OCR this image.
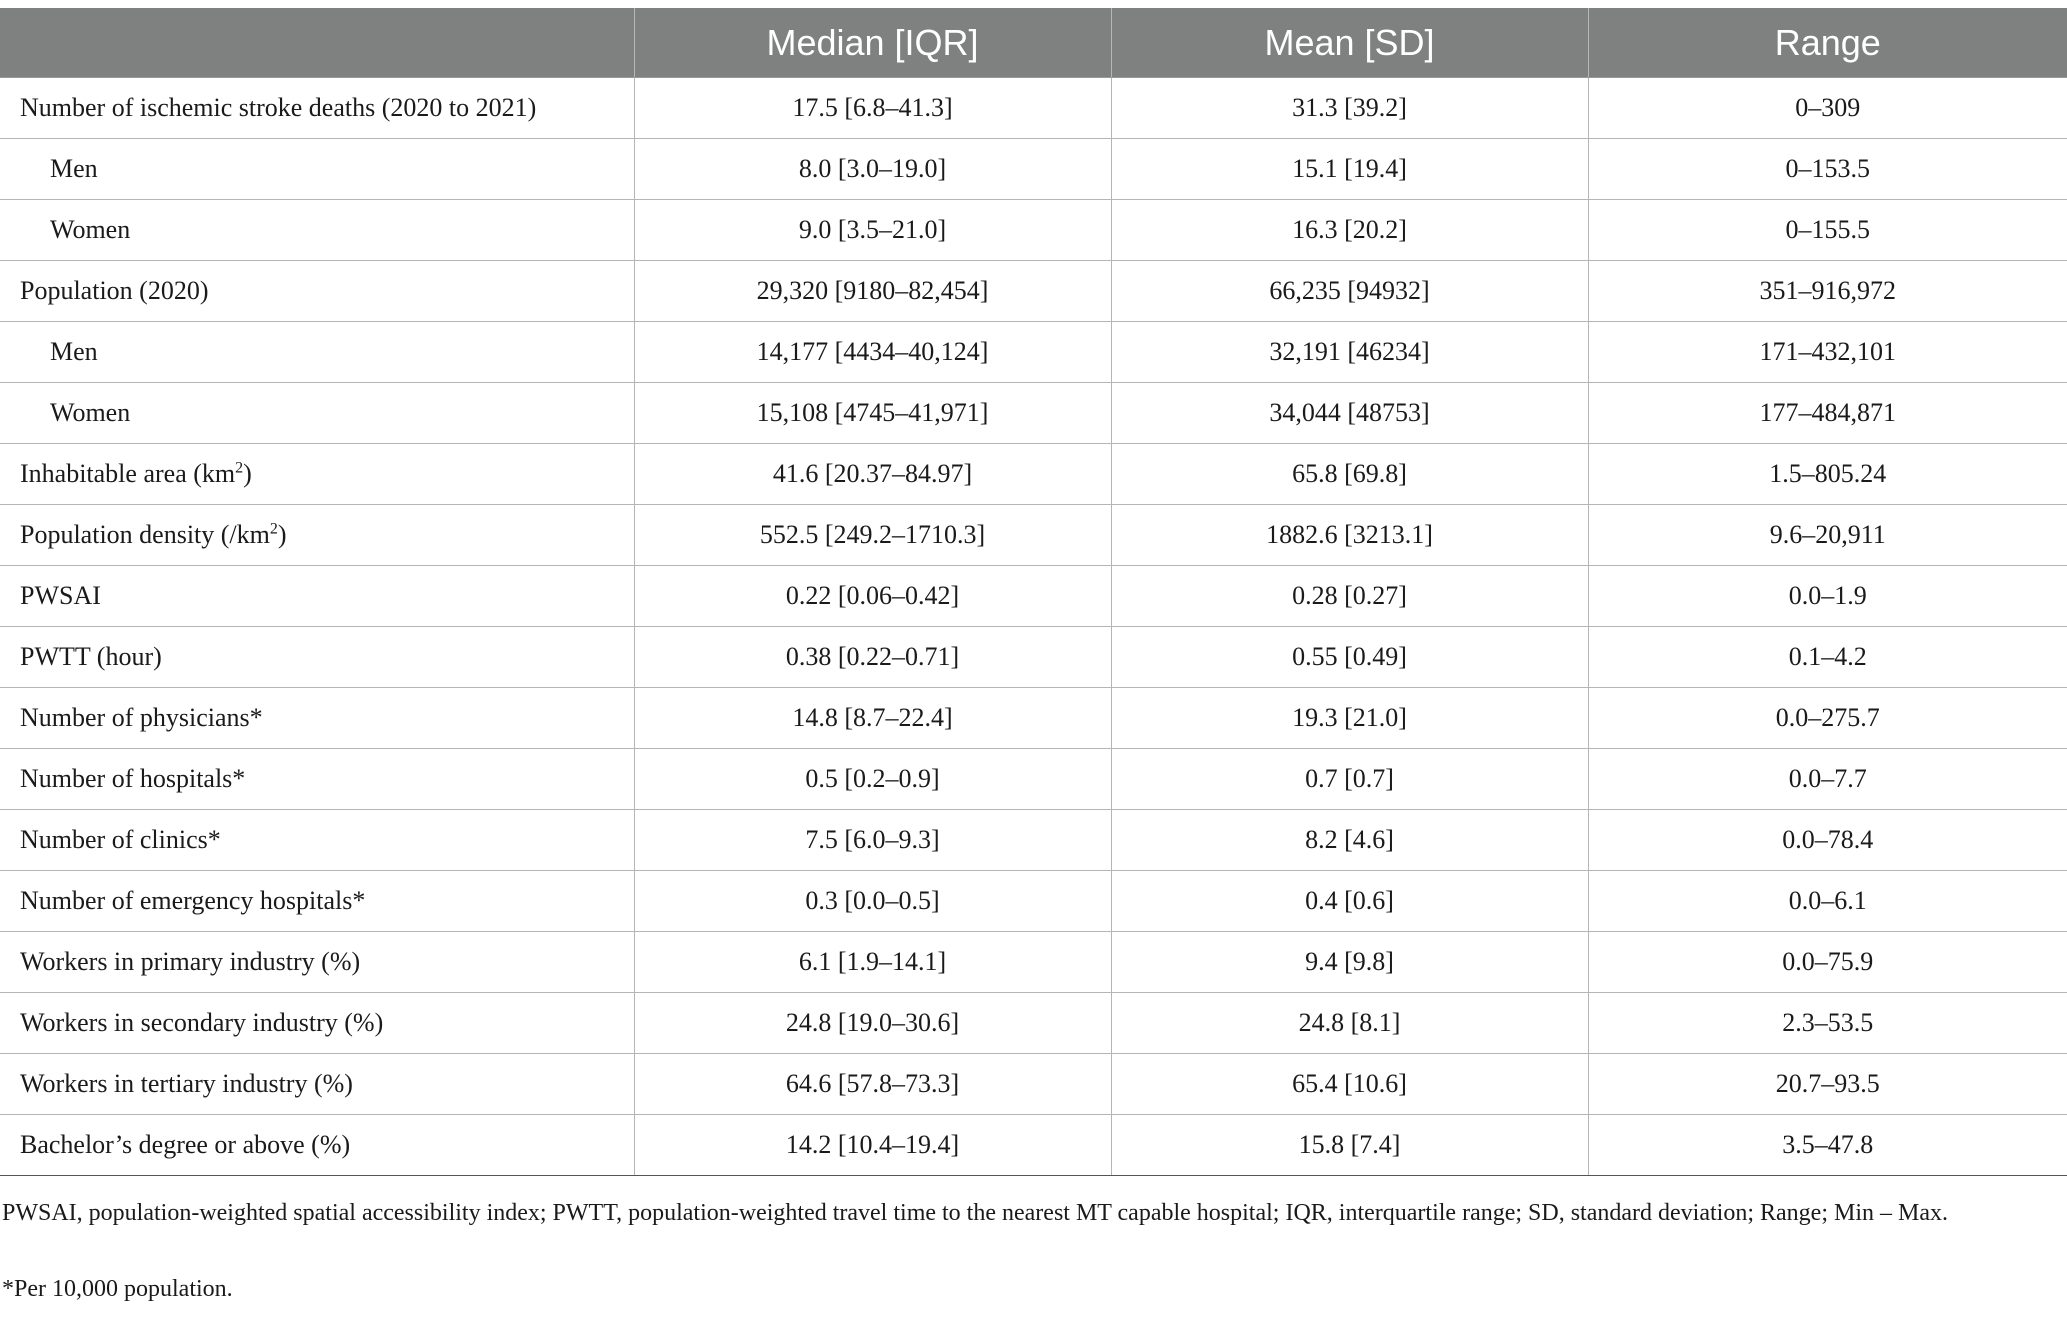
	Median [IQR]	Mean [SD]	Range
Number of ischemic stroke deaths (2020 to 2021)	17.5 [6.8–41.3]	31.3 [39.2]	0–309
Men	8.0 [3.0–19.0]	15.1 [19.4]	0–153.5
Women	9.0 [3.5–21.0]	16.3 [20.2]	0–155.5
Population (2020)	29,320 [9180–82,454]	66,235 [94932]	351–916,972
Men	14,177 [4434–40,124]	32,191 [46234]	171–432,101
Women	15,108 [4745–41,971]	34,044 [48753]	177–484,871
Inhabitable area $(km^2)$	41.6 [20.37–84.97]	65.8 [69.8]	1.5–805.24
Population density $(/km^2)$	552.5 [249.2–1710.3]	1882.6 [3213.1]	9.6–20,911
PWSAI	0.22 [0.06–0.42]	0.28 [0.27]	0.0–1.9
PWTT (hour)	0.38 [0.22–0.71]	0.55 [0.49]	0.1–4.2
Number of physicians*	14.8 [8.7–22.4]	19.3 [21.0]	0.0–275.7
Number of hospitals*	0.5 [0.2–0.9]	0.7 [0.7]	0.0–7.7
Number of clinics*	7.5 [6.0–9.3]	8.2 [4.6]	0.0–78.4
Number of emergency hospitals*	0.3 [0.0–0.5]	0.4 [0.6]	0.0–6.1
Workers in primary industry (%)	6.1 [1.9–14.1]	9.4 [9.8]	0.0–75.9
Workers in secondary industry (%)	24.8 [19.0–30.6]	24.8 [8.1]	2.3–53.5
Workers in tertiary industry (%)	64.6 [57.8–73.3]	65.4 [10.6]	20.7–93.5
Bachelor’s degree or above (%)	14.2 [10.4–19.4]	15.8 [7.4]	3.5–47.8
PWSAI, population-weighted spatial accessibility index; PWTT, population-weighted travel time to the nearest MT capable hospital; IQR, interquartile range; SD, standard deviation; Range; Min – Max.
*Per 10,000 population.
